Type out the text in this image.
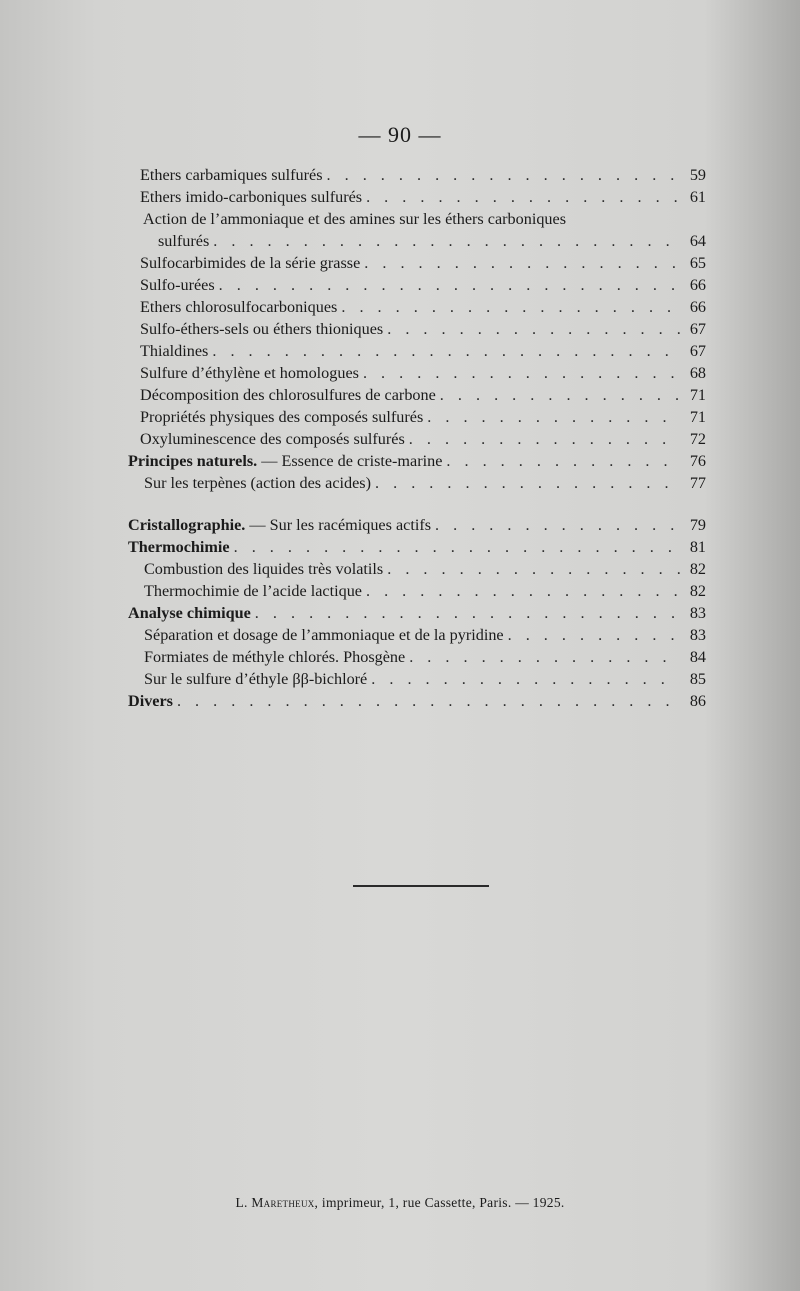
— 90 —
Ethers carbamiques sulfurés . . .	59
Ethers imido-carboniques sulfurés . . .	61
Action de l’ammoniaque et des amines sur les éthers carboniques
sulfurés . . .	64
Sulfocarbimides de la série grasse . . .	65
Sulfo-urées . . .	66
Ethers chlorosulfocarboniques . . .	66
Sulfo-éthers-sels ou éthers thioniques . . .	67
Thialdines . . .	67
Sulfure d’éthylène et homologues . . .	68
Décomposition des chlorosulfures de carbone . . .	71
Propriétés physiques des composés sulfurés . . .	71
Oxyluminescence des composés sulfurés . . .	72
Principes naturels. — Essence de criste-marine . . .	76
Sur les terpènes (action des acides) . . .	77
Cristallographie. — Sur les racémiques actifs . . .	79
Thermochimie . . .	81
Combustion des liquides très volatils . . .	82
Thermochimie de l’acide lactique . . .	82
Analyse chimique . . .	83
Séparation et dosage de l’ammoniaque et de la pyridine . . .	83
Formiates de méthyle chlorés. Phosgène . . .	84
Sur le sulfure d’éthyle ββ-bichloré . . .	85
Divers . . .	86
L. Maretheux, imprimeur, 1, rue Cassette, Paris. — 1925.
